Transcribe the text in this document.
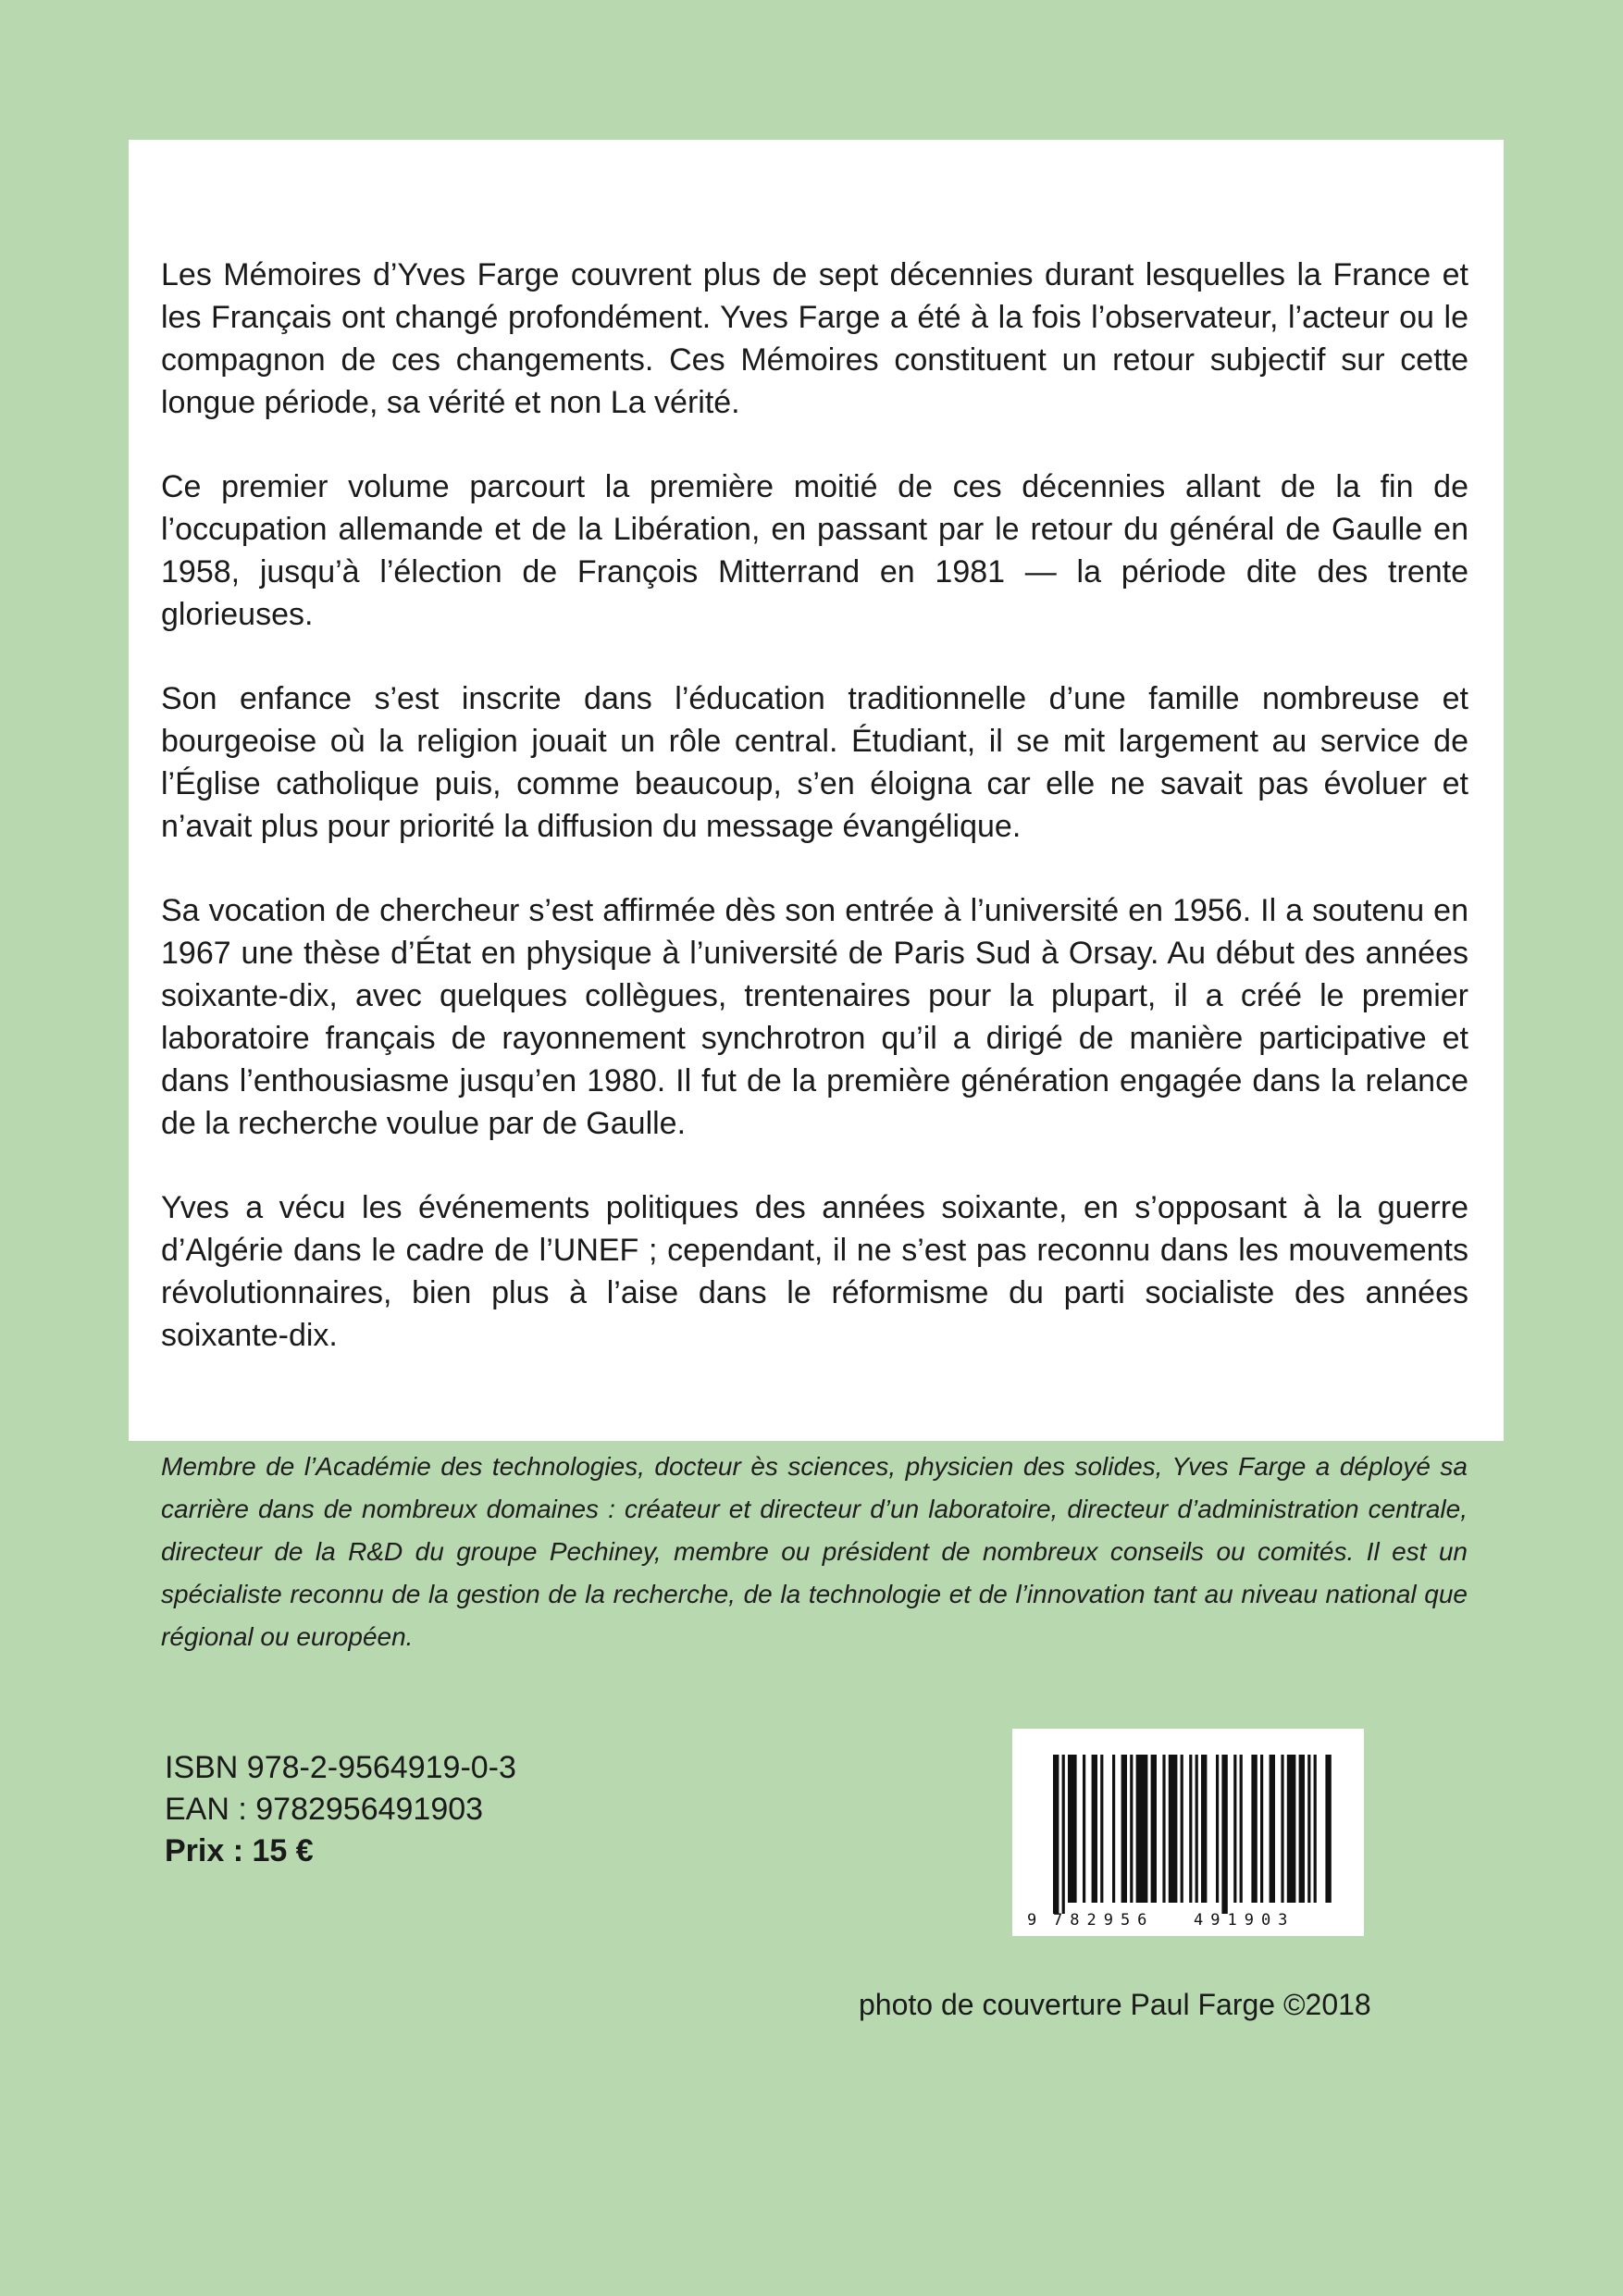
Les Mémoires d’Yves Farge couvrent plus de sept décennies durant lesquelles la France et les Français ont changé profondément. Yves Farge a été à la fois l’observateur, l’acteur ou le compagnon de ces changements. Ces Mémoires constituent un retour subjectif sur cette longue période, sa vérité et non La vérité.

Ce premier volume parcourt la première moitié de ces décennies allant de la fin de l’occupation allemande et de la Libération, en passant par le retour du général de Gaulle en 1958, jusqu’à l’élection de François Mitterrand en 1981 — la période dite des trente glorieuses.

Son enfance s’est inscrite dans l’éducation traditionnelle d’une famille nombreuse et bourgeoise où la religion jouait un rôle central. Étudiant, il se mit largement au service de l’Église catholique puis, comme beaucoup, s’en éloigna car elle ne savait pas évoluer et n’avait plus pour priorité la diffusion du message évangélique.

Sa vocation de chercheur s’est affirmée dès son entrée à l’université en 1956. Il a soutenu en 1967 une thèse d’État en physique à l’université de Paris Sud à Orsay. Au début des années soixante-dix, avec quelques collègues, trentenaires pour la plupart, il a créé le premier laboratoire français de rayonnement synchrotron qu’il a dirigé de manière participative et dans l’enthousiasme jusqu’en 1980. Il fut de la première génération engagée dans la relance de la recherche voulue par de Gaulle.

Yves a vécu les événements politiques des années soixante, en s’opposant à la guerre d’Algérie dans le cadre de l’UNEF ; cependant, il ne s’est pas reconnu dans les mouvements révolutionnaires, bien plus à l’aise dans le réformisme du parti socialiste des années soixante-dix.

Membre de l’Académie des technologies, docteur ès sciences, physicien des solides, Yves Farge a déployé sa carrière dans de nombreux domaines : créateur et directeur d’un laboratoire, directeur d’administration centrale, directeur de la R&D du groupe Pechiney, membre ou président de nombreux conseils ou comités. Il est un spécialiste reconnu de la gestion de la recherche, de la technologie et de l’innovation tant au niveau national que régional ou européen.

ISBN 978-2-9564919-0-3
EAN : 9782956491903
Prix : 15 €
9 782956	491903
photo de couverture Paul Farge ©2018
